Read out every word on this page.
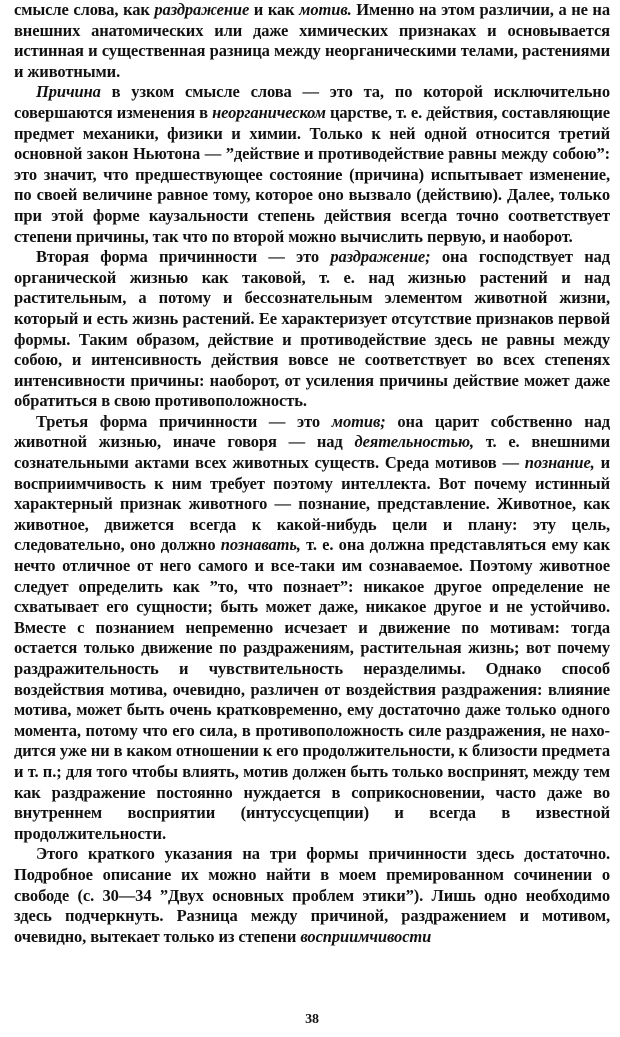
смысле слова, как раздражение и как мотив. Именно на этом различии, а не на внешних анатомических или даже химических признаках и основывается истинная и существенная разница между неорганическими телами, растениями и животными.

Причина в узком смысле слова — это та, по которой исключительно совершаются изменения в неорганическом царстве, т. е. действия, составляющие предмет механики, физики и химии. Только к ней одной относится третий основной закон Ньютона — ”действие и противодействие равны между собою”: это значит, что предшествующее состояние (причина) испытывает изменение, по своей величине равное тому, которое оно вызвало (действию). Далее, только при этой форме каузальности степень действия всегда точно соответствует степени причины, так что по второй можно вычислить первую, и наоборот.

Вторая форма причинности — это раздражение; она господствует над органической жизнью как таковой, т. е. над жизнью растений и над растительным, а потому и бессознательным элементом животной жизни, который и есть жизнь растений. Ее характеризует отсутствие признаков первой формы. Таким образом, действие и противодействие здесь не равны между собою, и интенсивность действия вовсе не соответствует во всех степенях интенсивности причины: наоборот, от усиления причины действие может даже обратиться в свою противоположность.

Третья форма причинности — это мотив; она царит собственно над животной жизнью, иначе говоря — над деятельностью, т. е. внешними сознательными актами всех животных существ. Среда мотивов — познание, и восприимчивость к ним требует поэтому интеллекта. Вот почему истинный характерный признак животного — познание, представление. Животное, как животное, движется всегда к какой-нибудь цели и плану: эту цель, следовательно, оно должно познавать, т. е. она должна представляться ему как нечто отличное от него самого и все-таки им сознаваемое. Поэтому животное следует определить как ”то, что познает”: никакое другое определение не схватывает его сущности; быть может даже, никакое другое и не устойчиво. Вместе с познанием непременно исчезает и движение по мотивам: тогда остается только движение по раздражениям, растительная жизнь; вот почему раздражительность и чувствительность неразделимы. Однако способ воздействия мотива, очевидно, различен от воздействия раздражения: влияние мотива, может быть очень кратковременно, ему достаточно даже только одного момента, потому что его сила, в противоположность силе раздражения, не находится уже ни в каком отношении к его продолжительности, к близости предмета и т. п.; для того чтобы влиять, мотив должен быть только воспринят, между тем как раздражение постоянно нуждается в соприкосновении, часто даже во внутреннем восприятии (интуссусцепции) и всегда в известной продолжительности.

Этого краткого указания на три формы причинности здесь достаточно. Подробное описание их можно найти в моем премированном сочинении о свободе (с. 30—34 ”Двух основных проблем этики”). Лишь одно необходимо здесь подчеркнуть. Разница между причиной, раздражением и мотивом, очевидно, вытекает только из степени восприимчивости

38
